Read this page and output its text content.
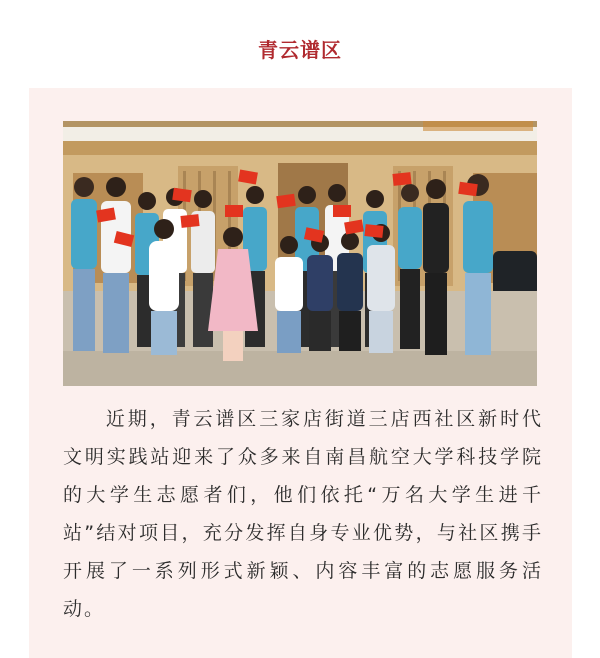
青云谱区

近期，青云谱区三家店街道三店西社区新时代文明实践站迎来了众多来自南昌航空大学科技学院的大学生志愿者们，他们依托“万名大学生进千站”结对项目，充分发挥自身专业优势，与社区携手开展了一系列形式新颖、内容丰富的志愿服务活动。
